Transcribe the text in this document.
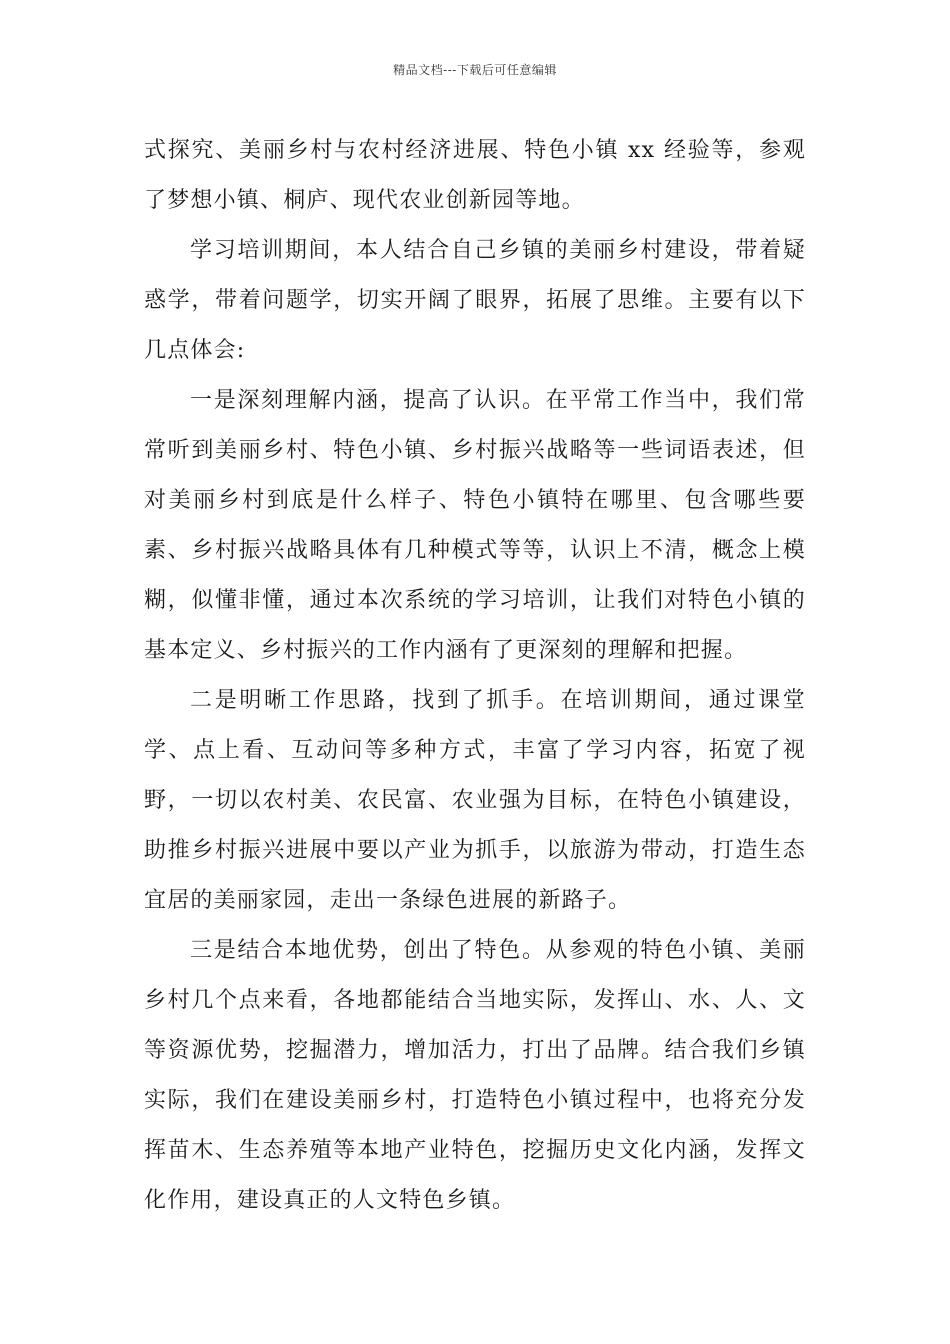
精品文档---下载后可任意编辑

式探究、美丽乡村与农村经济进展、特色小镇 xx 经验等，参观了梦想小镇、桐庐、现代农业创新园等地。

学习培训期间，本人结合自己乡镇的美丽乡村建设，带着疑惑学，带着问题学，切实开阔了眼界，拓展了思维。主要有以下几点体会:

一是深刻理解内涵，提高了认识。在平常工作当中，我们常常听到美丽乡村、特色小镇、乡村振兴战略等一些词语表述，但对美丽乡村到底是什么样子、特色小镇特在哪里、包含哪些要素、乡村振兴战略具体有几种模式等等，认识上不清，概念上模糊，似懂非懂，通过本次系统的学习培训，让我们对特色小镇的基本定义、乡村振兴的工作内涵有了更深刻的理解和把握。

二是明晰工作思路，找到了抓手。在培训期间，通过课堂学、点上看、互动问等多种方式，丰富了学习内容，拓宽了视野，一切以农村美、农民富、农业强为目标，在特色小镇建设，助推乡村振兴进展中要以产业为抓手，以旅游为带动，打造生态宜居的美丽家园，走出一条绿色进展的新路子。

三是结合本地优势，创出了特色。从参观的特色小镇、美丽乡村几个点来看，各地都能结合当地实际，发挥山、水、人、文等资源优势，挖掘潜力，增加活力，打出了品牌。结合我们乡镇实际，我们在建设美丽乡村，打造特色小镇过程中，也将充分发挥苗木、生态养殖等本地产业特色，挖掘历史文化内涵，发挥文化作用，建设真正的人文特色乡镇。
